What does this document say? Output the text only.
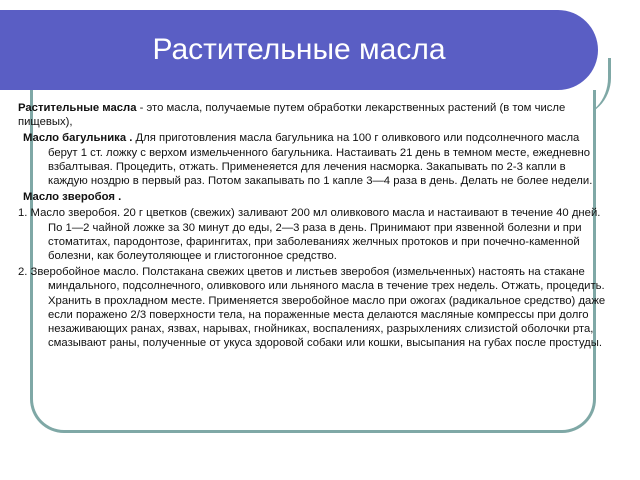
Растительные масла

Растительные масла - это масла, получаемые путем обработки лекарственных растений (в том числе пищевых),

Масло багульника . Для приготовления масла багульника на 100 г оливкового или подсолнечного масла берут 1 ст. ложку с верхом измельченного багульника. Настаивать 21 день в темном месте, ежедневно взбалтывая. Процедить, отжать. Применеяется для лечения насморка. Закапывать по 2-3 капли в каждую ноздрю в первый раз. Потом закапывать по 1 капле 3—4 раза в день. Делать не более недели.

Масло зверобоя .

1. Масло зверобоя. 20 г цветков (свежих) заливают 200 мл оливкового масла и настаивают в течение 40 дней. По 1—2 чайной ложке за 30 минут до еды, 2—3 раза в день. Принимают при язвенной болезни и при стоматитах, пародонтозе, фарингитах, при заболеваниях желчных протоков и при почечно-каменной болезни, как болеутоляющее и глистогонное средство.

2. Зверобойное масло. Полстакана свежих цветов и листьев зверобоя (измельченных) настоять на стакане миндального, подсолнечного, оливкового или льняного масла в течение трех недель. Отжать, процедить. Хранить в прохладном месте. Применяется зверобойное масло при ожогах (радикальное средство) даже если поражено 2/3 поверхности тела, на пораженные места делаются масляные компрессы при долго незаживающих ранах, язвах, нарывах, гнойниках, воспалениях, разрыхлениях слизистой оболочки рта, смазывают раны, полученные от укуса здоровой собаки или кошки, высыпания на губах после простуды.
